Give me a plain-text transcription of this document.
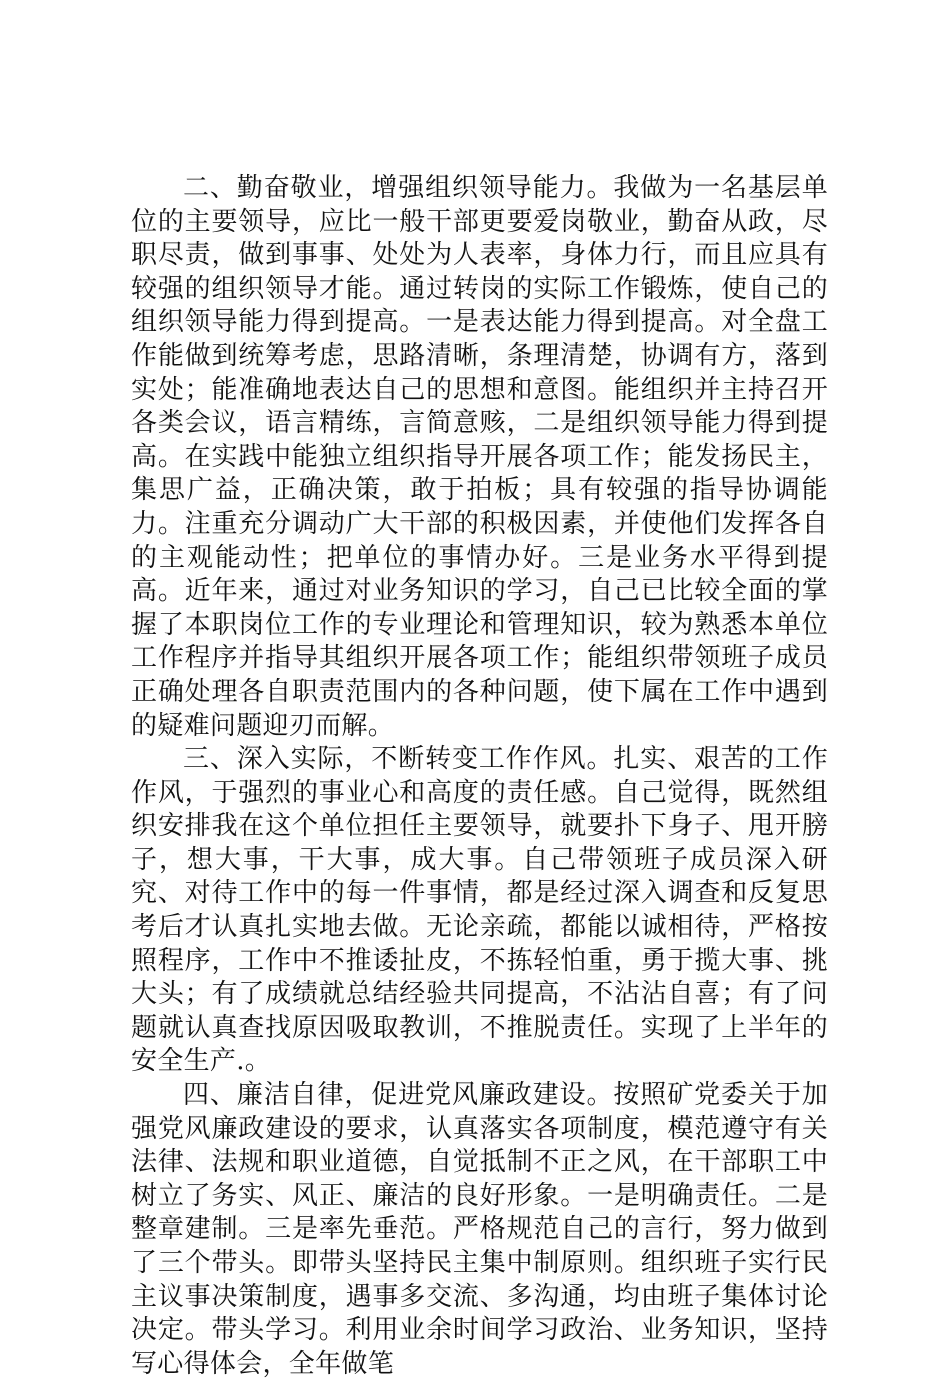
二、勤奋敬业，增强组织领导能力。我做为一名基层单位的主要领导，应比一般干部更要爱岗敬业，勤奋从政，尽职尽责，做到事事、处处为人表率，身体力行，而且应具有较强的组织领导才能。通过转岗的实际工作锻炼，使自己的组织领导能力得到提高。一是表达能力得到提高。对全盘工作能做到统筹考虑，思路清晰，条理清楚，协调有方，落到实处；能准确地表达自己的思想和意图。能组织并主持召开各类会议，语言精练，言简意赅，二是组织领导能力得到提高。在实践中能独立组织指导开展各项工作；能发扬民主，集思广益，正确决策，敢于拍板；具有较强的指导协调能力。注重充分调动广大干部的积极因素，并使他们发挥各自的主观能动性；把单位的事情办好。三是业务水平得到提高。近年来，通过对业务知识的学习，自己已比较全面的掌握了本职岗位工作的专业理论和管理知识，较为熟悉本单位工作程序并指导其组织开展各项工作；能组织带领班子成员正确处理各自职责范围内的各种问题，使下属在工作中遇到的疑难问题迎刃而解。

三、深入实际，不断转变工作作风。扎实、艰苦的工作作风，于强烈的事业心和高度的责任感。自己觉得，既然组织安排我在这个单位担任主要领导，就要扑下身子、甩开膀子，想大事，干大事，成大事。自己带领班子成员深入研究、对待工作中的每一件事情，都是经过深入调查和反复思考后才认真扎实地去做。无论亲疏，都能以诚相待，严格按照程序，工作中不推诿扯皮，不拣轻怕重，勇于揽大事、挑大头；有了成绩就总结经验共同提高，不沾沾自喜；有了问题就认真查找原因吸取教训，不推脱责任。实现了上半年的安全生产.。

四、廉洁自律，促进党风廉政建设。按照矿党委关于加强党风廉政建设的要求，认真落实各项制度，模范遵守有关法律、法规和职业道德，自觉抵制不正之风，在干部职工中树立了务实、风正、廉洁的良好形象。一是明确责任。二是整章建制。三是率先垂范。严格规范自己的言行，努力做到了三个带头。即带头坚持民主集中制原则。组织班子实行民主议事决策制度，遇事多交流、多沟通，均由班子集体讨论决定。带头学习。利用业余时间学习政治、业务知识，坚持写心得体会，全年做笔
